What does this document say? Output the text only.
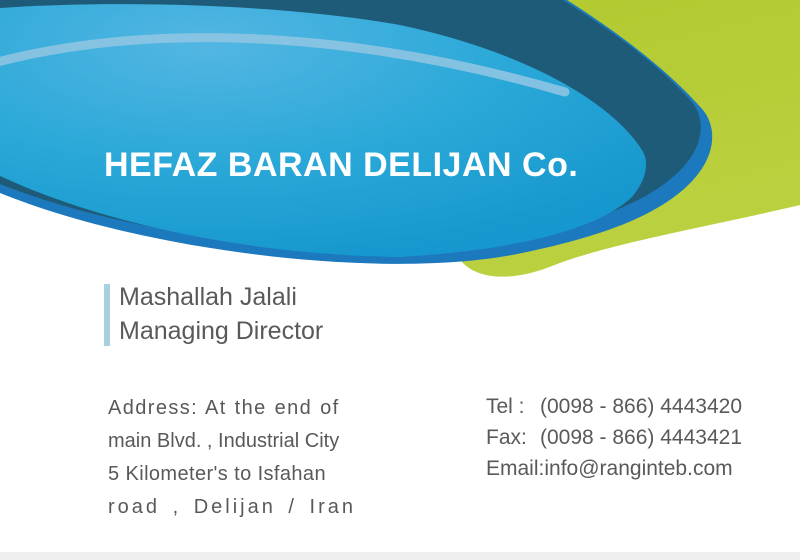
HEFAZ BARAN DELIJAN Co.
Mashallah Jalali
Managing Director
Address: At the end of
main Blvd. , Industrial City
5 Kilometer's to Isfahan
road , Delijan / Iran
Tel : (0098 - 866) 4443420
Fax: (0098 - 866) 4443421
Email: info@ranginteb.com
